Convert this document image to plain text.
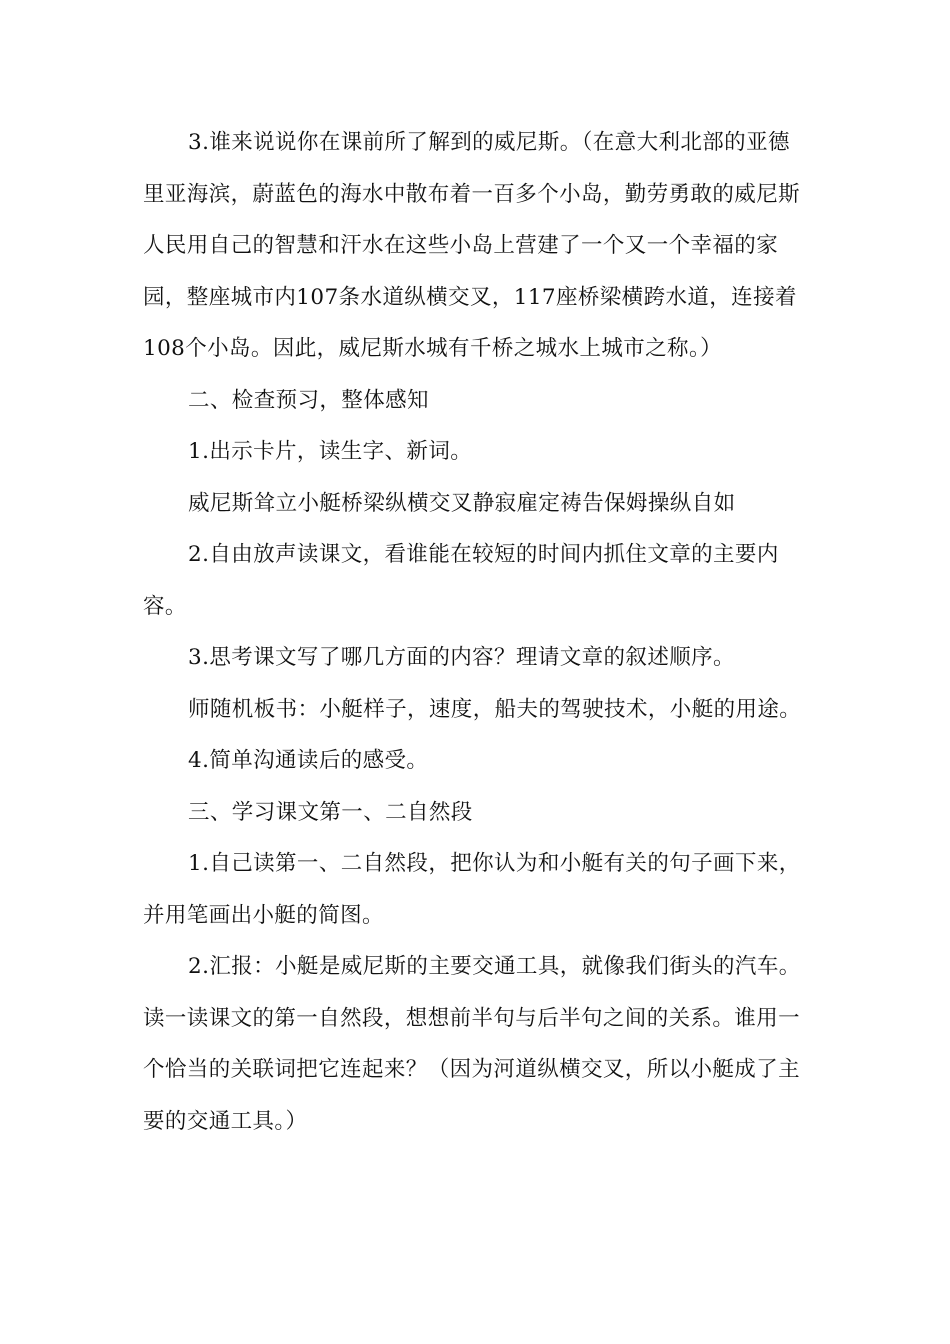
3.谁来说说你在课前所了解到的威尼斯。（在意大利北部的亚德里亚海滨，蔚蓝色的海水中散布着一百多个小岛，勤劳勇敢的威尼斯人民用自己的智慧和汗水在这些小岛上营建了一个又一个幸福的家园，整座城市内107条水道纵横交叉，117座桥梁横跨水道，连接着108个小岛。因此，威尼斯水城有千桥之城水上城市之称。）

二、检查预习，整体感知

1.出示卡片，读生字、新词。

威尼斯耸立小艇桥梁纵横交叉静寂雇定祷告保姆操纵自如

2.自由放声读课文，看谁能在较短的时间内抓住文章的主要内容。

3.思考课文写了哪几方面的内容？理请文章的叙述顺序。

师随机板书：小艇样子，速度，船夫的驾驶技术，小艇的用途。

4.简单沟通读后的感受。

三、学习课文第一、二自然段

1.自己读第一、二自然段，把你认为和小艇有关的句子画下来，并用笔画出小艇的简图。

2.汇报：小艇是威尼斯的主要交通工具，就像我们街头的汽车。读一读课文的第一自然段，想想前半句与后半句之间的关系。谁用一个恰当的关联词把它连起来？（因为河道纵横交叉，所以小艇成了主要的交通工具。）
